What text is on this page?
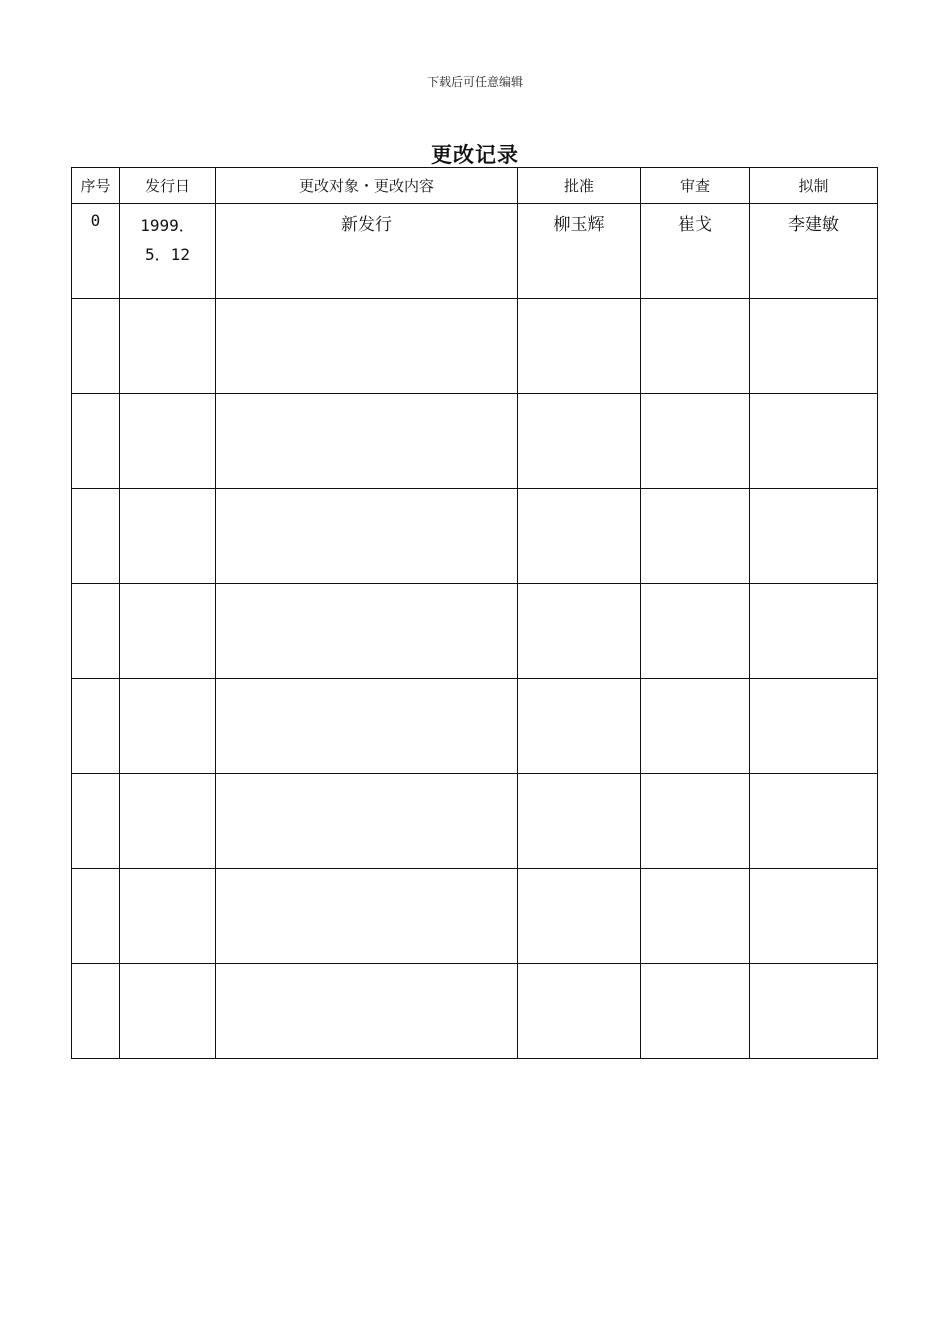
下载后可任意编辑
更改记录
序号	发行日	更改对象・更改内容	批准	审查	拟制

0	1999．5．12	新发行	柳玉辉	崔戈	李建敏
